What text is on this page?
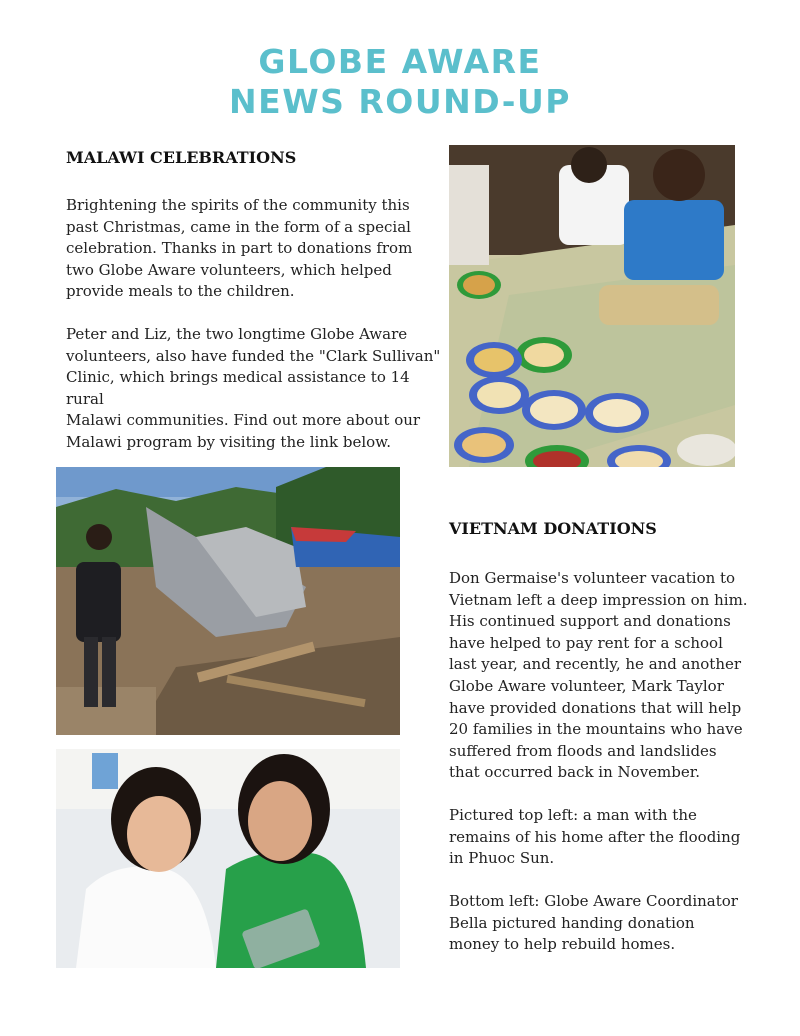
GLOBE AWARE
NEWS ROUND-UP
MALAWI CELEBRATIONS
Brightening the spirits of the community this
past Christmas, came in the form of a special
celebration. Thanks in part to donations from
two Globe Aware volunteers, which helped
provide meals to the children.
Peter and Liz, the two longtime Globe Aware
volunteers, also have funded the "Clark Sullivan"
Clinic, which brings medical assistance to 14 rural
Malawi communities. Find out more about our
Malawi program by visiting the link below.
VIETNAM DONATIONS
Don Germaise's volunteer vacation to
Vietnam left a deep impression on him.
His continued support and donations
have helped to pay rent for a school
last year, and recently, he and another
Globe Aware volunteer, Mark Taylor
have provided donations that will help
20 families in the mountains who have
suffered from floods and landslides
that occurred back in November.
Pictured top left: a man with the
remains of his home after the flooding
in Phuoc Sun.
Bottom left: Globe Aware Coordinator
Bella pictured handing donation
money to help rebuild homes.
